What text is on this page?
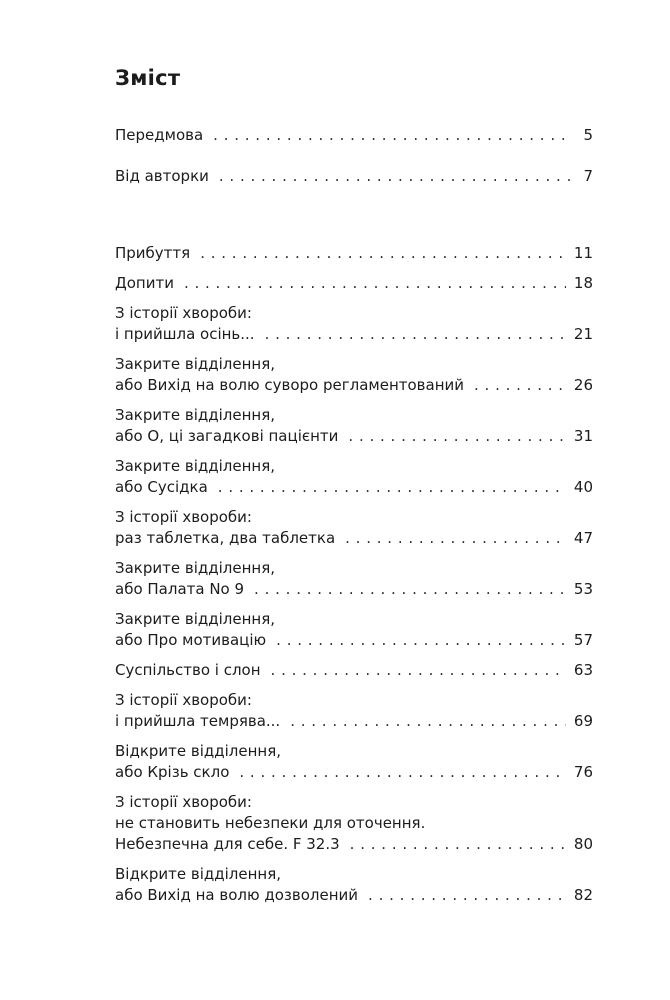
Зміст
Передмова . . .	5
Від авторки . . .	7
Прибуття . . .	11
Допити . . .	18
З історії хвороби:
і прийшла осінь... . . .	21
Закрите відділення,
або Вихід на волю суворо регламентований . . .	26
Закрите відділення,
або О, ці загадкові пацієнти . . .	31
Закрите відділення,
або Сусідка . . .	40
З історії хвороби:
раз таблетка, два таблетка . . .	47
Закрите відділення,
або Палата No 9 . . .	53
Закрите відділення,
або Про мотивацію . . .	57
Суспільство і слон . . .	63
З історії хвороби:
і прийшла темрява... . . .	69
Відкрите відділення,
або Крізь скло . . .	76
З історії хвороби:
не становить небезпеки для оточення.
Небезпечна для себе. F 32.3 . . .	80
Відкрите відділення,
або Вихід на волю дозволений . . .	82
